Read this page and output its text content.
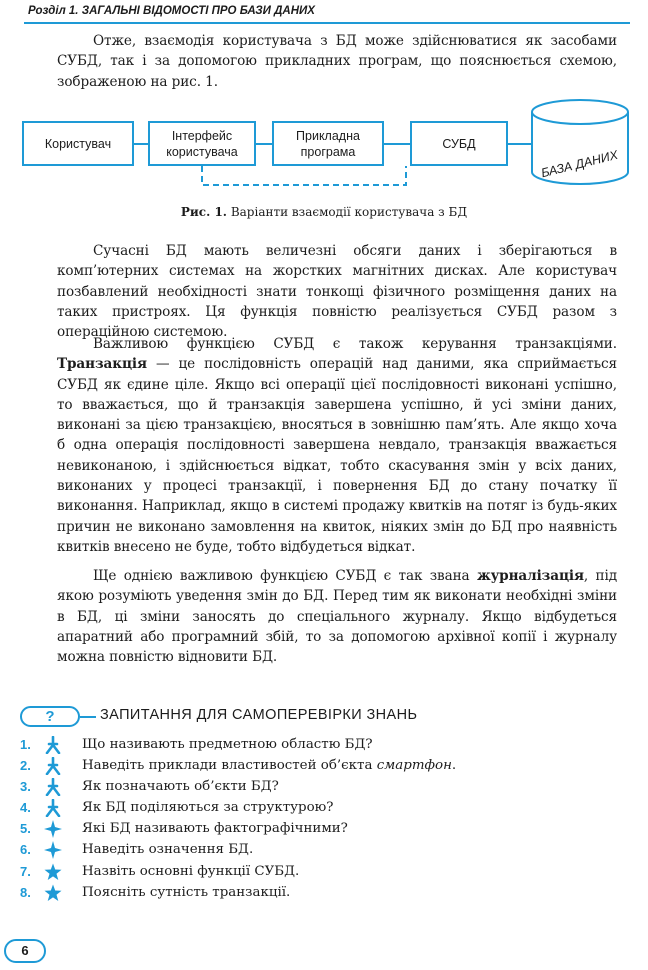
Розділ 1. ЗАГАЛЬНІ ВІДОМОСТІ ПРО БАЗИ ДАНИХ

Отже, взаємодія користувача з БД може здійснюватися як засобами СУБД, так і за допомогою прикладних програм, що пояснюється схемою, зображеною на рис. 1.

БАЗА ДАНИХ
Користувач
Інтерфейс
користувача
Прикладна
програма
СУБД
Рис. 1. Варіанти взаємодії користувача з БД

Сучасні БД мають величезні обсяги даних і зберігаються в комп’ютерних системах на жорстких магнітних дисках. Але користувач позбавлений необхідності знати тонкощі фізичного розміщення даних на таких пристроях. Ця функція повністю реалізується СУБД разом з операційною системою.

Важливою функцією СУБД є також керування транзакціями. Транзакція — це послідовність операцій над даними, яка сприймається СУБД як єдине ціле. Якщо всі операції цієї послідовності виконані успішно, то вважається, що й транзакція завершена успішно, й усі зміни даних, виконані за цією транзакцією, вносяться в зовнішню пам’ять. Але якщо хоча б одна операція послідовності завершена невдало, транзакція вважається невиконаною, і здійснюється відкат, тобто скасування змін у всіх даних, виконаних у процесі транзакції, і повернення БД до стану початку її виконання. Наприклад, якщо в системі продажу квитків на потяг із будь-яких причин не виконано замовлення на квиток, ніяких змін до БД про наявність квитків внесено не буде, тобто відбудеться відкат.

Ще однією важливою функцією СУБД є так звана журналізація, під якою розуміють уведення змін до БД. Перед тим як виконати необхідні зміни в БД, ці зміни заносять до спеціального журналу. Якщо відбудеться апаратний або програмний збій, то за допомогою архівної копії і журналу можна повністю відновити БД.

?	ЗАПИТАННЯ ДЛЯ САМОПЕРЕВІРКИ ЗНАНЬ
1.	Що називають предметною областю БД?
2.	Наведіть приклади властивостей об’єкта смартфон.
3.	Як позначають об’єкти БД?
4.	Як БД поділяються за структурою?
5.	Які БД називають фактографічними?
6.	Наведіть означення БД.
7.	Назвіть основні функції СУБД.
8.	Поясніть сутність транзакції.
6
